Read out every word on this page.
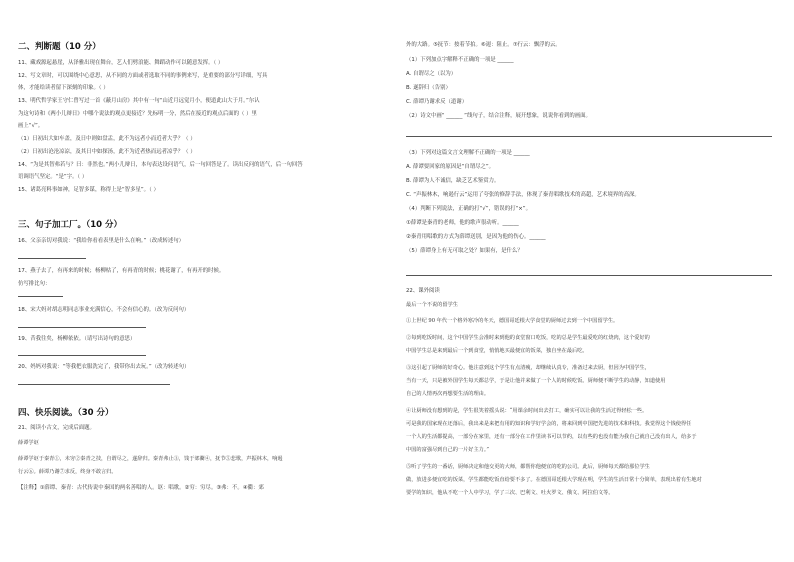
二、判断题（10 分）
11、藏戏源起悬崖，从泽雅出现在舞台，艺人们劈浪能、舞蹈动作可以随意发挥。（ ）
12、写文章时，可以围绕中心意思，从不同的方面或者选取不同的事例来写，是重要的部分写详细，写具
体，才能给读者留下深刻的印象。（ ）
13、明代哲学家王守仁曾写过一首《蔽月山房》其中有一句“山近月远觉月小，便道此山大于月。”尔认
为这句诗和《两小儿辩日》中哪个说法的观点更接近？先标明一分，然后在接近的观点后面的（ ）里
画上“√”。
（1）日初出大如车盖，及日中则如盘盂，此不为远者小而近者大乎？（ ）
（2）日初出沧沧凉凉，及其日中如探汤，此不为近者热而远者凉乎？（ ）
14、“为是其智弗若与？曰：非然也。”两小儿辩日，本句表达设问语气，后一句回答是了。读出反问的语气，后一句回答
语调语气坚定。“是”字。（ ）
15、诸葛亮料事如神，足智多谋，称得上是“智多星”。（ ）
三、句子加工厂。（10 分）
16、父亲亲切对我说：“我给你看看表里是什么在响。”（改成转述句）
17、燕子去了，有再来的时候；杨柳枯了，有再青的时候；桃花谢了，有再开的时候。
仿写排比句：
18、宋大妈对胡志明同志事业充满信心，不会有信心的。（改为反问句）
19、昔我往矣，杨柳依依。（请写出诗句的意思）
20、妈妈对我说：“等我把衣服洗完了，我带你出去玩。”（改为转述句）
四、快乐阅读。（30 分）
21、阅读小古文，完成后面题。
薛谭学讴
薛谭学讴于秦青①，未穷②秦青之技，自谓尽之，遂辞归。秦青弗止③，饯于郊衢④，抚节⑤悲歌，声振林木，响遏
行云⑥。薛谭乃谢⑦求反，终身不敢言归。
【注释】①薛谭、秦青：古代传说中秦国的两名善唱的人。讴：唱歌。②穷：穷尽。③弗：不。④衢：郊
外的大路。⑤抚节：按着节拍。⑥遏：阻止。⑦行云：飘浮的云。
（1）下列加点字解释不正确的一项是 ______
A. 自谓尽之（以为）
B. 遂辞归（告别）
C. 薛谭乃谢求反（道谢）
（2）诗文中画“ ______ ”线句子，结合注释，展开想象，说说你看到的画面。
（3）下列对这篇文言文理解不正确的一项是 ______
A. 薛谭要回家的原因是“自谓尽之”。
B. 薛谭为人不诚信，缺乏艺术鉴赏力。
C. “声振林木，响遏行云”运用了夸张的修辞手法，体现了秦青唱歌技术的高超，艺术境界的高深。
（4）判断下列说法，正确的打“√”，错误的打“×”。
①薛谭是秦青的老师，他的歌声很动听。______
②秦青用唱歌的方式为薛谭送别，是因为他的伤心。______
（5）薛谭身上有无可取之处？如果有，是什么？
22、课外阅读
最后一个不说的留学生
①上世纪 90 年代一个格外寒冷的冬天，德国哥廷根大学食堂的厨师过去到一个中国留学生。
②每到吃饭时间，这个中国学生会准时来到他的食堂窗口吃饭，吃的总是学生最爱吃的红烧肉，这个爱好的
中国学生总是来到最后一个到食堂，悄悄地买最便宜的饭菜，独自坐在最后吃。
③这引起了厨师的好奇心。他注意到这个学生有点清瘦，却继续认真专，准备过来去厨，但因为中国学生，
当有一天，只是被外国学生每天都总学，于是让他并来做了一个人的时候吃饭。厨师便不断学生的动静，知道使用
自己的人情再次再想要生活的理由。
④让厨师没有想到的是，学生很笑着摇头说：“用课余时间出去打工，确实可以让我的生活过得轻松一些。
可是我的国家现在还落后，我出来是来把有用的知识和学好学会的，将来回到中国把先进的技术和科技。我觉得这个钱使得任
一个人的生活都提高，一部分在家里，还有一部分在工作里读书可以节约，以有些的也没有能为我自己就自己没有出人，给多于
中国的富强尽到自己的一片好主力。”
⑤听了学生的一番话，厨师决定和他交更的大师，都帮你他便宜的吃的公司。此后，厨师每天都给那位学生
做，放进多便宜吃的饭菜，学生都能吃饭直给要不多了。在德国哥廷根大学现在明，学生的生活日常十分简单，表现出着有生地对
要学的知识，他从不吃一个人中学习，学了三次、巴利文、吐火罗文、俄文、阿拉伯文等。
